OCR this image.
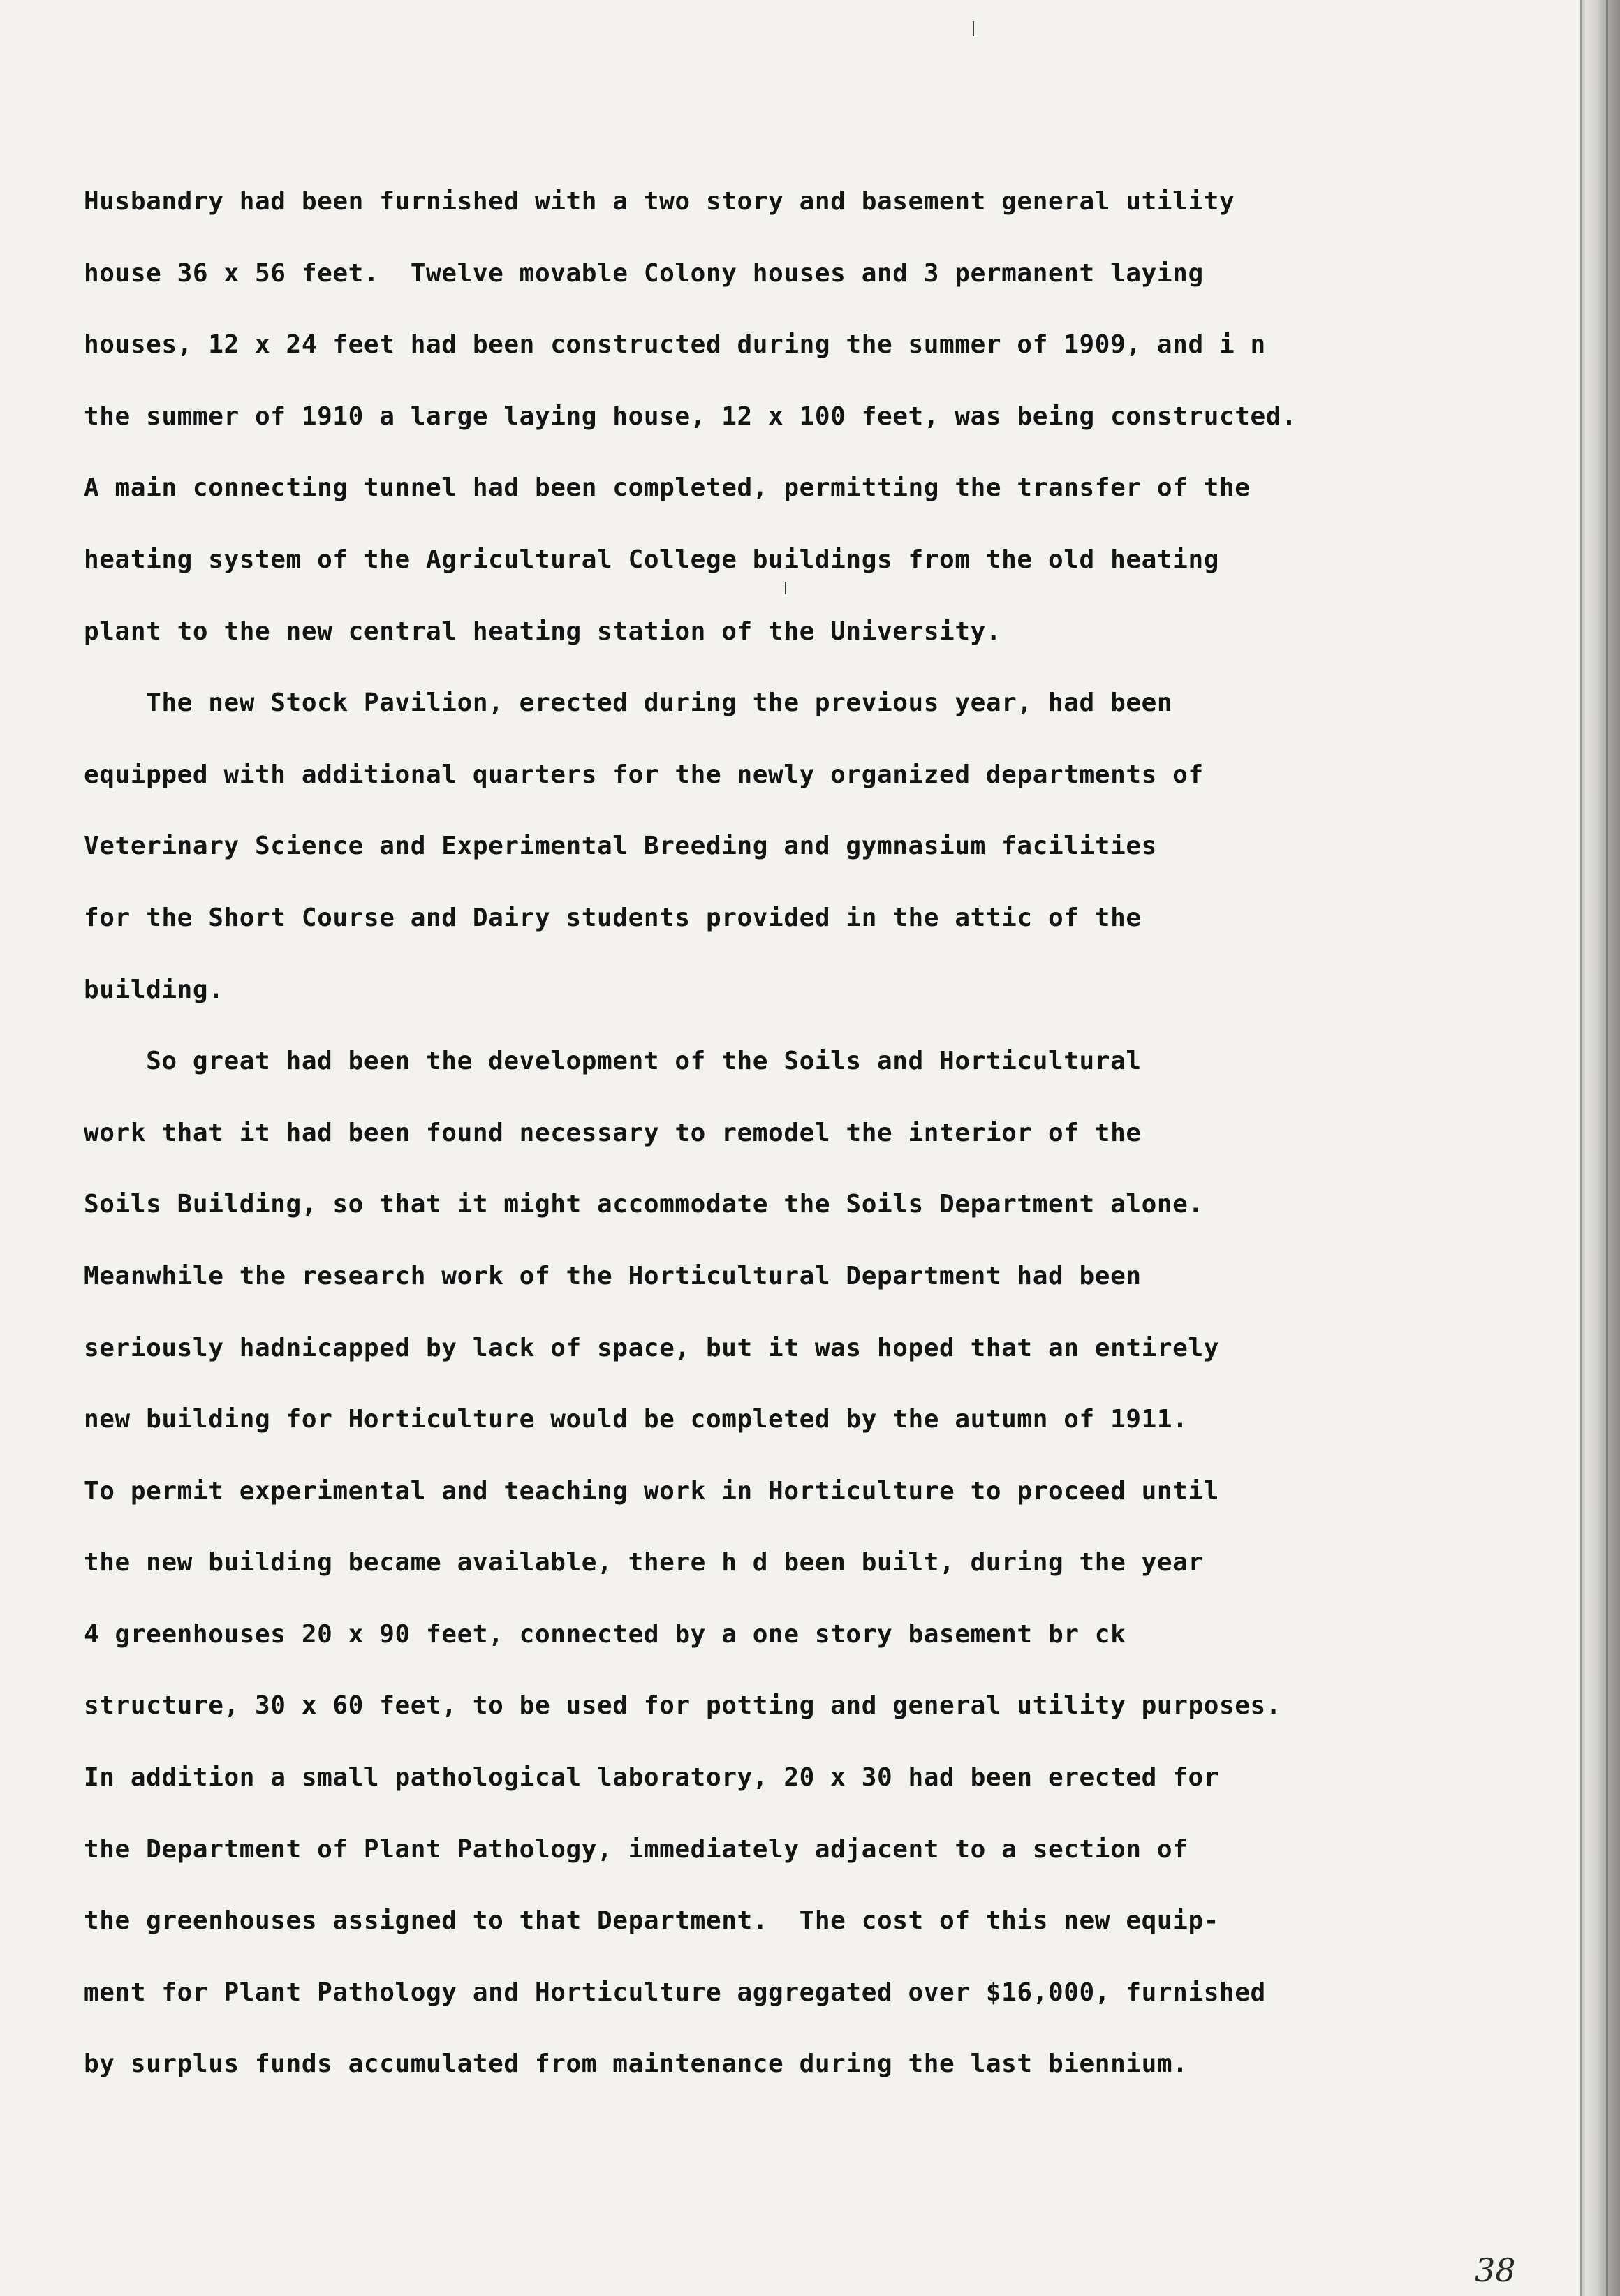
Husbandry had been furnished with a two story and basement general utility
house 36 x 56 feet.  Twelve movable Colony houses and 3 permanent laying
houses, 12 x 24 feet had been constructed during the summer of 1909, and i n
the summer of 1910 a large laying house, 12 x 100 feet, was being constructed.
A main connecting tunnel had been completed, permitting the transfer of the
heating system of the Agricultural College buildings from the old heating
plant to the new central heating station of the University.
The new Stock Pavilion, erected during the previous year, had been
equipped with additional quarters for the newly organized departments of
Veterinary Science and Experimental Breeding and gymnasium facilities
for the Short Course and Dairy students provided in the attic of the
building.
So great had been the development of the Soils and Horticultural
work that it had been found necessary to remodel the interior of the
Soils Building, so that it might accommodate the Soils Department alone.
Meanwhile the research work of the Horticultural Department had been
seriously hadnicapped by lack of space, but it was hoped that an entirely
new building for Horticulture would be completed by the autumn of 1911.
To permit experimental and teaching work in Horticulture to proceed until
the new building became available, there h d been built, during the year
4 greenhouses 20 x 90 feet, connected by a one story basement br ck
structure, 30 x 60 feet, to be used for potting and general utility purposes.
In addition a small pathological laboratory, 20 x 30 had been erected for
the Department of Plant Pathology, immediately adjacent to a section of
the greenhouses assigned to that Department.  The cost of this new equip-
ment for Plant Pathology and Horticulture aggregated over $16,000, furnished
by surplus funds accumulated from maintenance during the last biennium.
38
